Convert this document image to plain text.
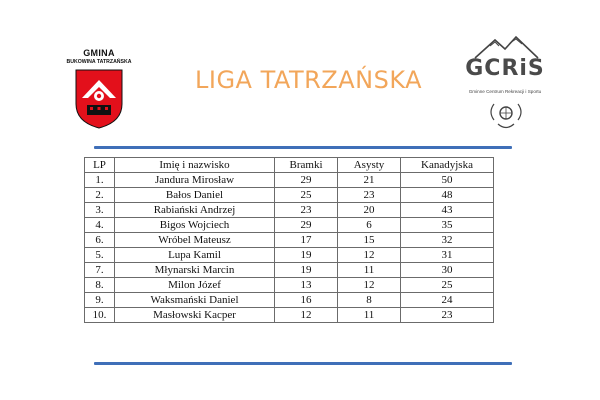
GMINA
BUKOWINA TATRZAŃSKA
LIGA TATRZAŃSKA	GCRiS
Gminne Centrum Rekreacji i Sportu
LP	Imię i nazwisko	Bramki	Asysty	Kanadyjska
1.	Jandura Mirosław	29	21	50
2.	Bałos Daniel	25	23	48
3.	Rabiański Andrzej	23	20	43
4.	Bigos Wojciech	29	6	35
6.	Wróbel Mateusz	17	15	32
5.	Lupa Kamil	19	12	31
7.	Młynarski Marcin	19	11	30
8.	Milon Józef	13	12	25
9.	Waksmański Daniel	16	8	24
10.	Masłowski Kacper	12	11	23
